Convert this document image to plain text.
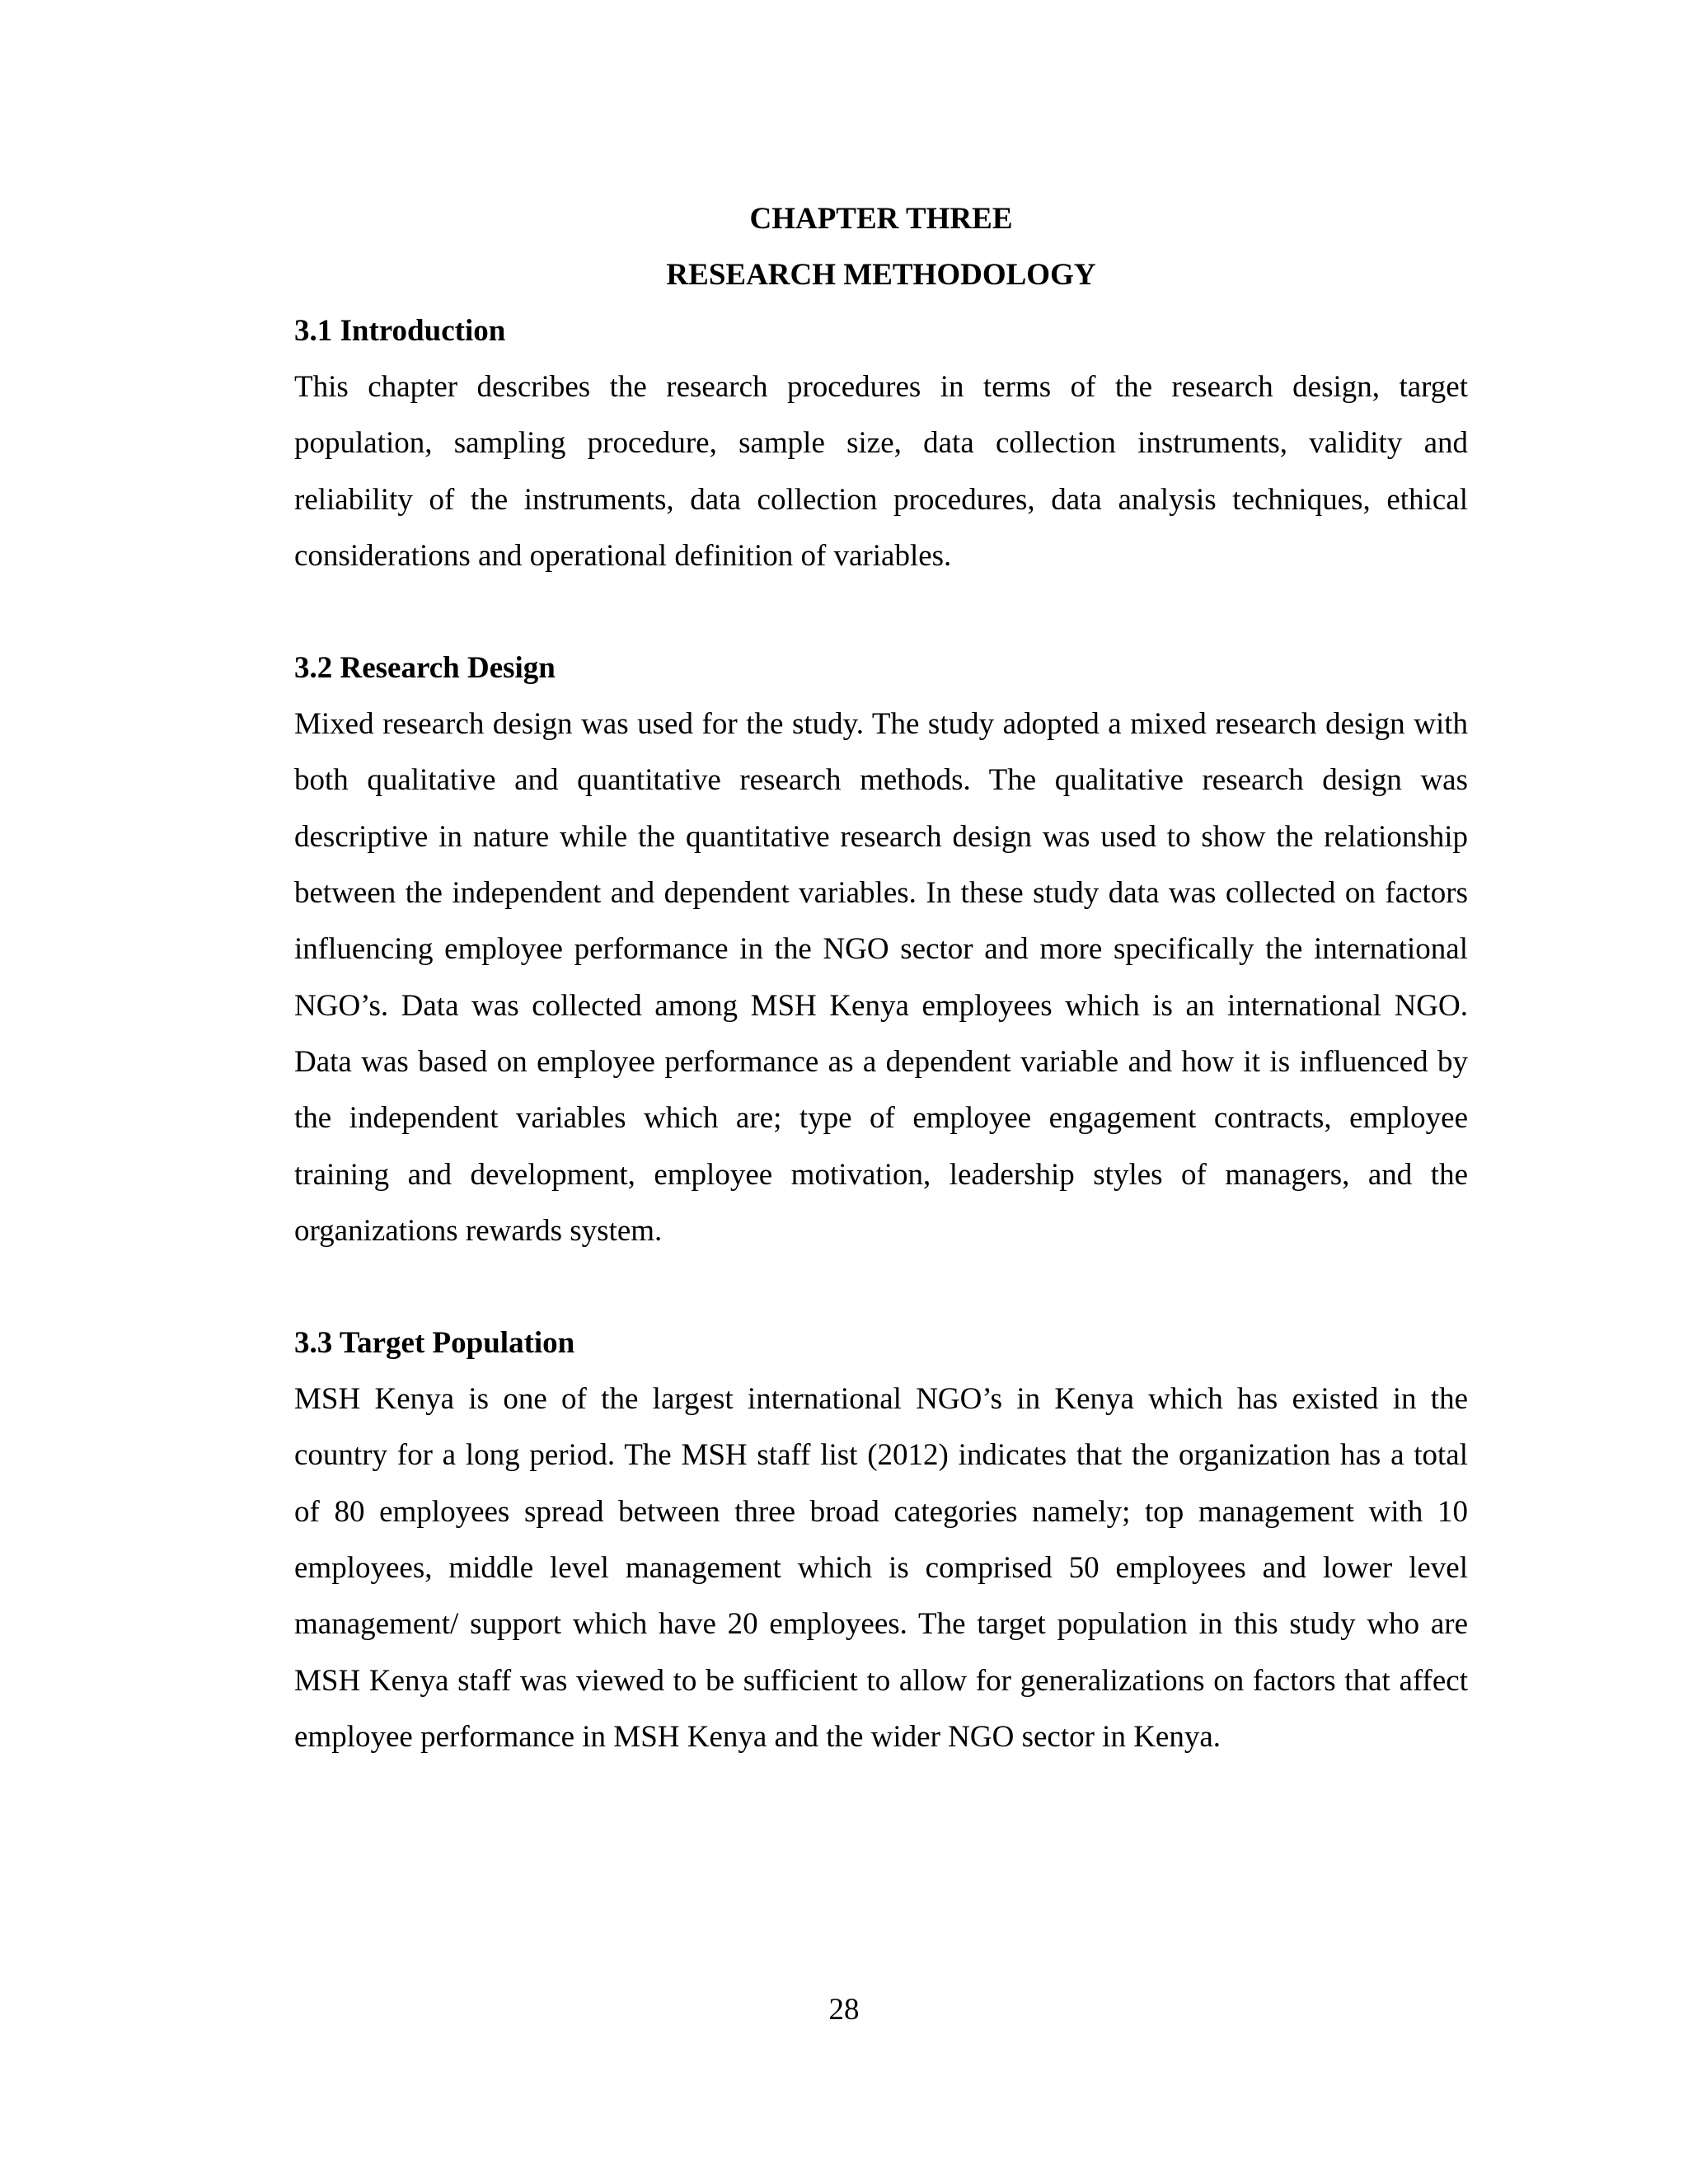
CHAPTER THREE
RESEARCH METHODOLOGY
3.1 Introduction

This chapter describes the research procedures in terms of the research design, target population, sampling procedure, sample size, data collection instruments, validity and reliability of the instruments, data collection procedures, data analysis techniques, ethical considerations and operational definition of variables.

3.2 Research Design

Mixed research design was used for the study. The study adopted a mixed research design with both qualitative and quantitative research methods. The qualitative research design was descriptive in nature while the quantitative research design was used to show the relationship between the independent and dependent variables. In these study data was collected on factors influencing employee performance in the NGO sector and more specifically the international NGO’s. Data was collected among MSH Kenya employees which is an international NGO. Data was based on employee performance as a dependent variable and how it is influenced by the independent variables which are; type of employee engagement contracts, employee training and development, employee motivation, leadership styles of managers, and the organizations rewards system.

3.3 Target Population

MSH Kenya is one of the largest international NGO’s in Kenya which has existed in the country for a long period. The MSH staff list (2012) indicates that the organization has a total of 80 employees spread between three broad categories namely; top management with 10 employees, middle level management which is comprised 50 employees and lower level management/ support which have 20 employees. The target population in this study who are MSH Kenya staff was viewed to be sufficient to allow for generalizations on factors that affect employee performance in MSH Kenya and the wider NGO sector in Kenya.

28
